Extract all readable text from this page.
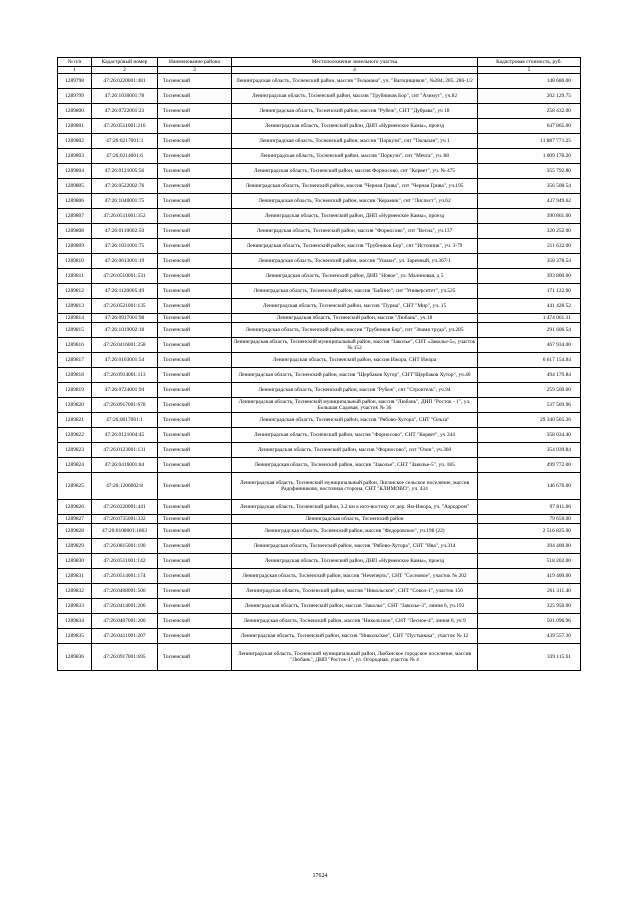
№ п/п	Кадастровый номер	Наименование района	Местоположение земельного участка	Кадастровая стоимость, руб.
1	2	3	4	5
1289798	47:26:0220001:481	Тосненский	Ленинградская область, Тосненский район, массив "Тельмана", уч. "Вагоцнщиков", №284, 285, 286-1/2	148 680.00
1289799	47:26:1030001:78	Тосненский	Ленинградская область, Тосненский район, массив "Трубников Бор", снт "Азимут", уч.82	202 129.75
1289800	47:26:0722001:23	Тосненский	Ленинградская область, Тосненский район, массив "Рубеж", СНТ "Дубрава", уч 18	258 432.00
1289801	47:26:0511001:216	Тосненский	Ленинградская область, Тосненский район, ДНП «Нурменское Камы», проезд	647 865.00
1289802	47:26:0217001:3	Тосненский	Ленинградская область, Тосненский район, массив "Поркузи", снт "Тюльпан", уч 1	11 887 771.25
1289803	47:26:0214001:6	Тосненский	Ленинградская область, Тосненский район, массив "Поркузи", снт "Мечта", уч. 88	1 009 178.20
1289804	47:26:0121005:56	Тосненский	Ленинградская область, Тосненский район, массив Форносово, снт "Корвет", уч. № 475	355 792.80
1289805	47:26:0522002:76	Тосненский	Ленинградская область, Тосненский район, массив "Черная Грива", снт "Черная Грива", уч.195	356 508.54
1289806	47:26:1040001:75	Тосненский	Ленинградская область, Тосненский район, массив "Керамик", снт "Лиспест", уч.62	437 949.62
1289807	47:26:0511001:352	Тосненский	Ленинградская область, Тосненский район, ДНП «Нурменское Камы», проезд	390 861.00
1289808	47:26:0110002:50	Тосненский	Ленинградская область, Тосненский район, массив "Форносово", снт "Весна", уч.137	320 252.00
1289809	47:26:1031001:75	Тосненский	Ленинградская область, Тосненский район, массив "Трубников Бор", снт "Источник", уч. 3-79	211 632.00
1289810	47:26:0613001:19	Тосненский	Ленинградская область, Тосненский район, массив "Ушаки", ул. Заречный, уч.367/1	358 378.54
1289811	47:26:0510001:531	Тосненский	Ленинградская область, Тосненский район, ДНП "Новое", ул. Малиновая, д 5	393 800.00
1289812	47:26:1120005:49	Тосненский	Ленинградская область, Тосненский район, массив "Бабино", снт "Университет", уч.525	171 122.00
1289813	47:26:0521001:135	Тосненский	Ленинградская область, Тосненский район, массив "Пурма", СНТ "Мир", уч. 15	441 428.52
1289814	47:26:0917001:98	Тосненский	Ленинградская область, Тосненский район, массив "Любань", уч.18	1 474 061.31
1289815	47:26:1019002:18	Тосненский	Ленинградская область, Тосненский район, массив "Трубников Бор", снт "Знамя труда", уч.285	291 606.54
1289816	47:26:0416001:258	Тосненский	Ленинградская область, Тосненский муниципальный район, массив "Заколье", СНТ «Заколье-5», участок № 152	467 934.00
1289817	47:26:0103001:54	Тосненский	Ленинградская область, Тосненский район, массив Ижора, СНТ Ижора	6 617 154.84
1289818	47:26:0914001:113	Тосненский	Ленинградская область, Тосненский район, массив "Щербаков Хутор", СНТ"Щербаков Хутор", уч.46	494 179.84
1289819	47:26:0724001:94	Тосненский	Ленинградская область, Тосненский район, массив "Рубеж", снт "Строитель", уч.94	259 500.00
1289820	47:26:0917001:678	Тосненский	Ленинградская область, Тосненский муниципальный район, массив "Любань", ДНП "Росток - 1", ул. Большая Садовая, участок № 36	537 569.96
1289821	47:26:0817001:1	Тосненский	Ленинградская область, Тосненский район, массив "Рябово-Хутора", СНТ "Ольха"	29 340 505.36
1289822	47:26:0121004:45	Тосненский	Ленинградская область, Тосненский район, массив "Форносово", СНТ "Корвет", уч 344	358 034.40
1289823	47:26:0123001:131	Тосненский	Ленинградская область, Тосненский район, массив "Форносово", снт "Озон", уч.360	354 039.84
1289824	47:26:0416001:84	Тосненский	Ленинградская область, Тосненский район, массив "Заколье", СНТ "Заколье-5", уч. 185	499 772.00
1289825	47:26:1206002:8	Тосненский	Ленинградская область, Тосненский муниципальный район, Лисинское сельское поселение, массив Радофинниково, восточная сторона, СНТ "КЛИМОВО", уч. 434	146 676.00
1289826	47:26:0220001:441	Тосненский	Ленинградская область, Тосненский район, 3.2 км к юго-востоку от дер. Ям-Ижора, уч. "Аэродром"	97 811.06
1289827	47:26:0735001:332	Тосненский	Ленинградская область, Тосненский район	79 650.00
1289828	47:26:0108001:1863	Тосненский	Ленинградская область, Тосненский район, массив "Федоровское", уч.198 (22)	2 516 825.00
1289829	47:26:0815001:190	Тосненский	Ленинградская область, Тосненский район, массив "Рябово-Хутора", СНТ "Ива", уч.314	394 400.00
1289830	47:26:0511001:142	Тосненский	Ленинградская область, Тосненский район, ДНП «Нурменское Камы», проезд	518 202.00
1289831	47:26:0514001:174	Тосненский	Ленинградская область, Тосненский район, массив "Нечеперть", СНТ "Сосновое", участок № 202	419 400.00
1289832	47:26:0408001:506	Тосненский	Ленинградская область, Тосненский район, массив "Никольское", СНТ "Сокол-1", участок 150	261 311.40
1289833	47:26:0414001:206	Тосненский	Ленинградская область, Тосненский район, массив "Заколье", СНТ "Заколье-3", линия 6, уч.193	325 950.00
1289834	47:26:0407001:200	Тосненский	Ленинградская область, Тосненский район, массив "Никольское", СНТ "Лесное-4", линия 6, уч 9	501 096.96
1289835	47:26:0411001:207	Тосненский	Ленинградская область, Тосненский район, массив "Никольское", СНТ "Пустынька", участок № 12	439 557.30
1289836	47:26:0917001:695	Тосненский	Ленинградская область, Тосненский муниципальный район, Любанское городское поселение, массив "Любань", ДНП "Росток-1", ул. Огородная, участок № 4	339 115.61
17624
